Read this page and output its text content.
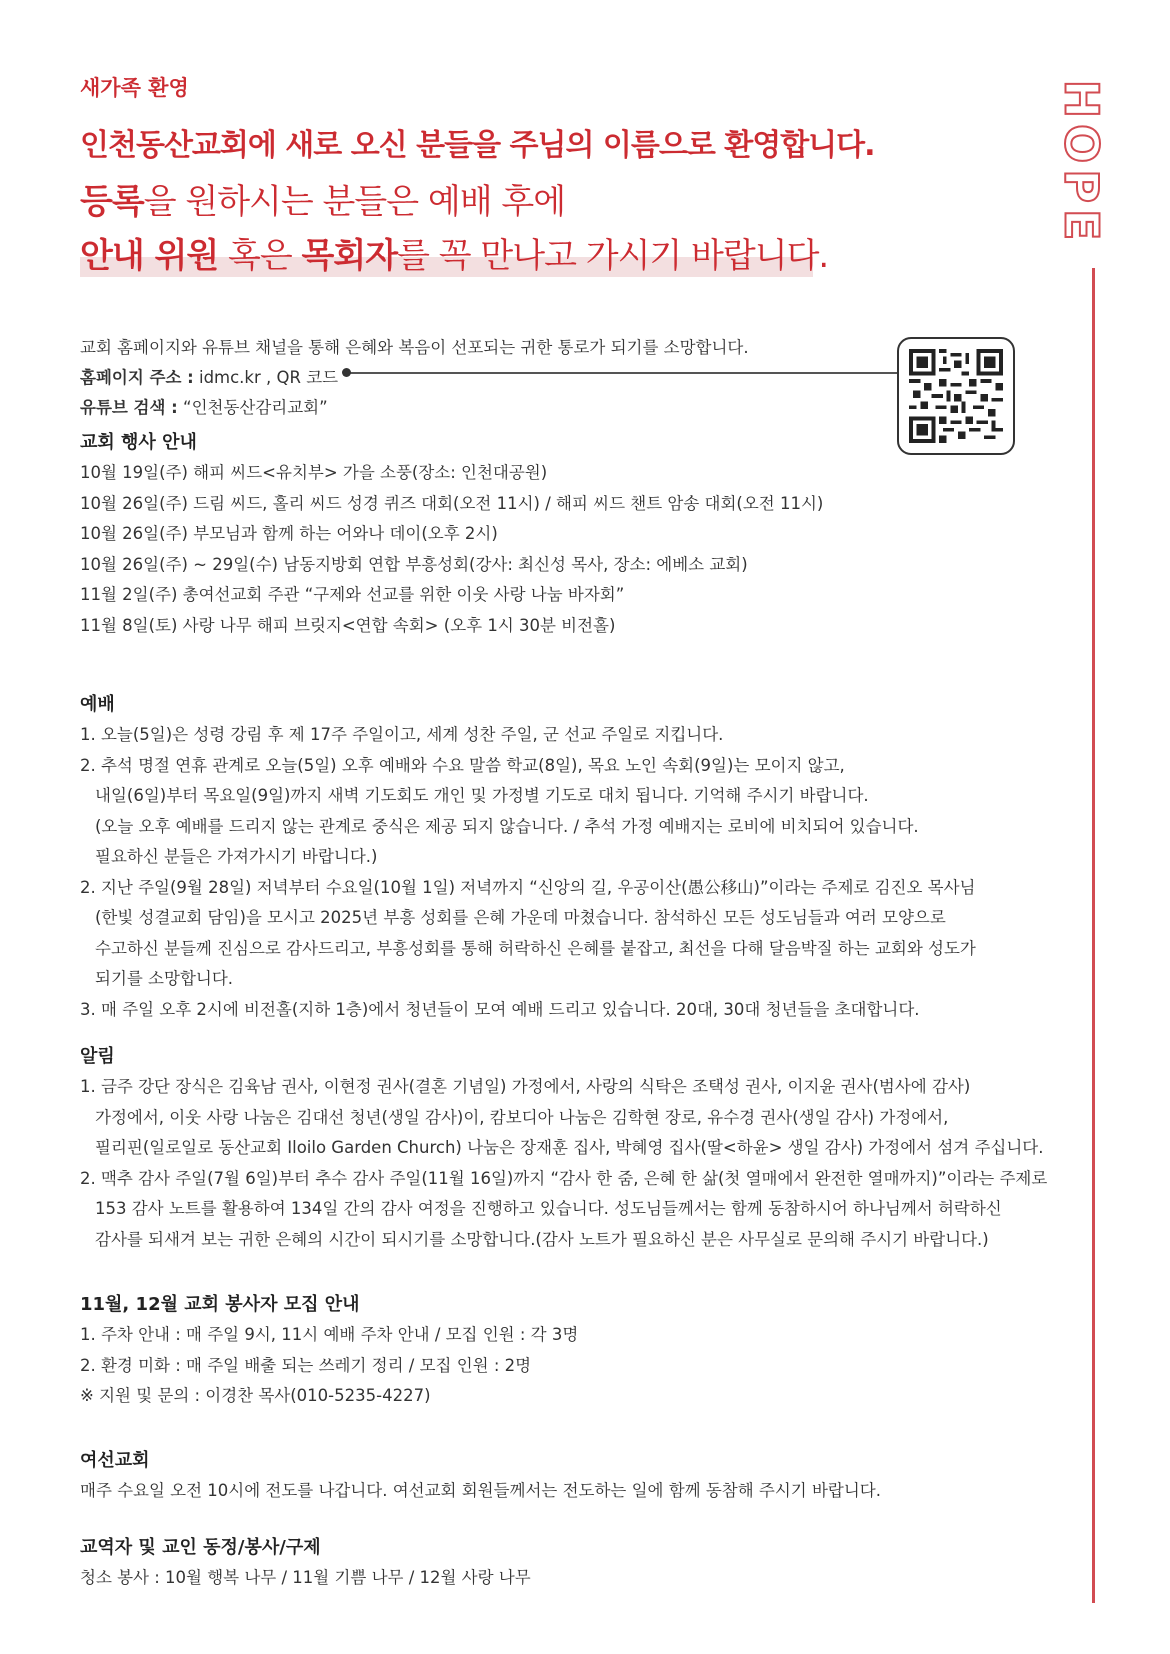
HOPE
새가족 환영
인천동산교회에 새로 오신 분들을 주님의 이름으로 환영합니다.
등록을 원하시는 분들은 예배 후에
안내 위원 혹은 목회자를 꼭 만나고 가시기 바랍니다.
교회 홈페이지와 유튜브 채널을 통해 은혜와 복음이 선포되는 귀한 통로가 되기를 소망합니다.
홈페이지 주소 : idmc.kr , QR 코드
유튜브 검색 : “인천동산감리교회”
교회 행사 안내
10월 19일(주) 해피 씨드<유치부> 가을 소풍(장소: 인천대공원)
10월 26일(주) 드림 씨드, 홀리 씨드 성경 퀴즈 대회(오전 11시) / 해피 씨드 챈트 암송 대회(오전 11시)
10월 26일(주) 부모님과 함께 하는 어와나 데이(오후 2시)
10월 26일(주) ~ 29일(수) 남동지방회 연합 부흥성회(강사: 최신성 목사, 장소: 에베소 교회)
11월 2일(주) 총여선교회 주관 “구제와 선교를 위한 이웃 사랑 나눔 바자회”
11월 8일(토) 사랑 나무 해피 브릿지<연합 속회> (오후 1시 30분 비전홀)
예배
1. 오늘(5일)은 성령 강림 후 제 17주 주일이고, 세계 성찬 주일, 군 선교 주일로 지킵니다.
2. 추석 명절 연휴 관계로 오늘(5일) 오후 예배와 수요 말씀 학교(8일), 목요 노인 속회(9일)는 모이지 않고,
내일(6일)부터 목요일(9일)까지 새벽 기도회도 개인 및 가정별 기도로 대치 됩니다. 기억해 주시기 바랍니다.
(오늘 오후 예배를 드리지 않는 관계로 중식은 제공 되지 않습니다. / 추석 가정 예배지는 로비에 비치되어 있습니다.
필요하신 분들은 가져가시기 바랍니다.)
2. 지난 주일(9월 28일) 저녁부터 수요일(10월 1일) 저녁까지 “신앙의 길, 우공이산(愚公移山)”이라는 주제로 김진오 목사님
(한빛 성결교회 담임)을 모시고 2025년 부흥 성회를 은혜 가운데 마쳤습니다. 참석하신 모든 성도님들과 여러 모양으로
수고하신 분들께 진심으로 감사드리고, 부흥성회를 통해 허락하신 은혜를 붙잡고, 최선을 다해 달음박질 하는 교회와 성도가
되기를 소망합니다.
3. 매 주일 오후 2시에 비전홀(지하 1층)에서 청년들이 모여 예배 드리고 있습니다. 20대, 30대 청년들을 초대합니다.
알림
1. 금주 강단 장식은 김육남 권사, 이현정 권사(결혼 기념일) 가정에서, 사랑의 식탁은 조택성 권사, 이지윤 권사(범사에 감사)
가정에서, 이웃 사랑 나눔은 김대선 청년(생일 감사)이, 캄보디아 나눔은 김학현 장로, 유수경 권사(생일 감사) 가정에서,
필리핀(일로일로 동산교회 Iloilo Garden Church) 나눔은 장재훈 집사, 박혜영 집사(딸<하윤> 생일 감사) 가정에서 섬겨 주십니다.
2. 맥추 감사 주일(7월 6일)부터 추수 감사 주일(11월 16일)까지 “감사 한 줌, 은혜 한 삶(첫 열매에서 완전한 열매까지)”이라는 주제로
153 감사 노트를 활용하여 134일 간의 감사 여정을 진행하고 있습니다. 성도님들께서는 함께 동참하시어 하나님께서 허락하신
감사를 되새겨 보는 귀한 은혜의 시간이 되시기를 소망합니다.(감사 노트가 필요하신 분은 사무실로 문의해 주시기 바랍니다.)
11월, 12월 교회 봉사자 모집 안내
1. 주차 안내 : 매 주일 9시, 11시 예배 주차 안내 / 모집 인원 : 각 3명
2. 환경 미화 : 매 주일 배출 되는 쓰레기 정리 / 모집 인원 : 2명
※ 지원 및 문의 : 이경찬 목사(010-5235-4227)
여선교회
매주 수요일 오전 10시에 전도를 나갑니다. 여선교회 회원들께서는 전도하는 일에 함께 동참해 주시기 바랍니다.
교역자 및 교인 동정/봉사/구제
청소 봉사 : 10월 행복 나무 / 11월 기쁨 나무 / 12월 사랑 나무
